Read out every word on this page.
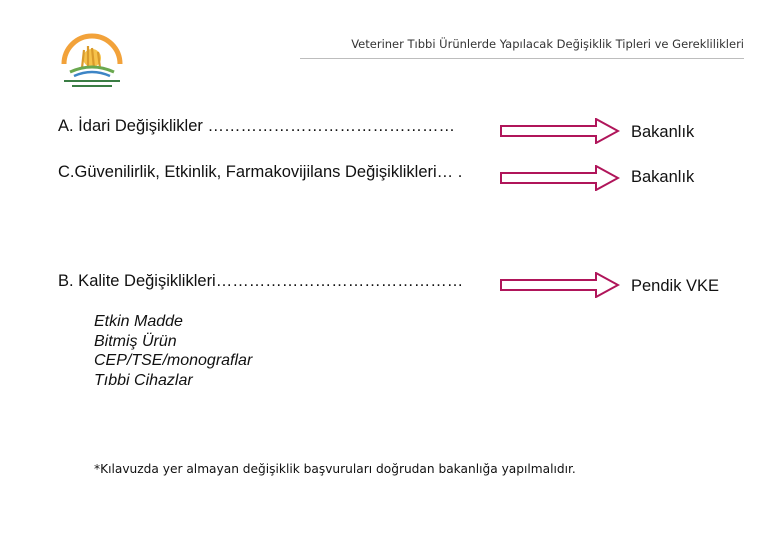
Veteriner Tıbbi Ürünlerde Yapılacak Değişiklik Tipleri ve Gereklilikleri
A. İdari Değişiklikler ………………………………………	Bakanlık
C.Güvenilirlik, Etkinlik, Farmakovijilans Değişiklikleri… .	Bakanlık
B. Kalite Değişiklikleri………………………………………	Pendik VKE
Etkin Madde
Bitmiş Ürün
CEP/TSE/monograflar
Tıbbi Cihazlar
*Kılavuzda yer almayan değişiklik başvuruları doğrudan bakanlığa yapılmalıdır.
